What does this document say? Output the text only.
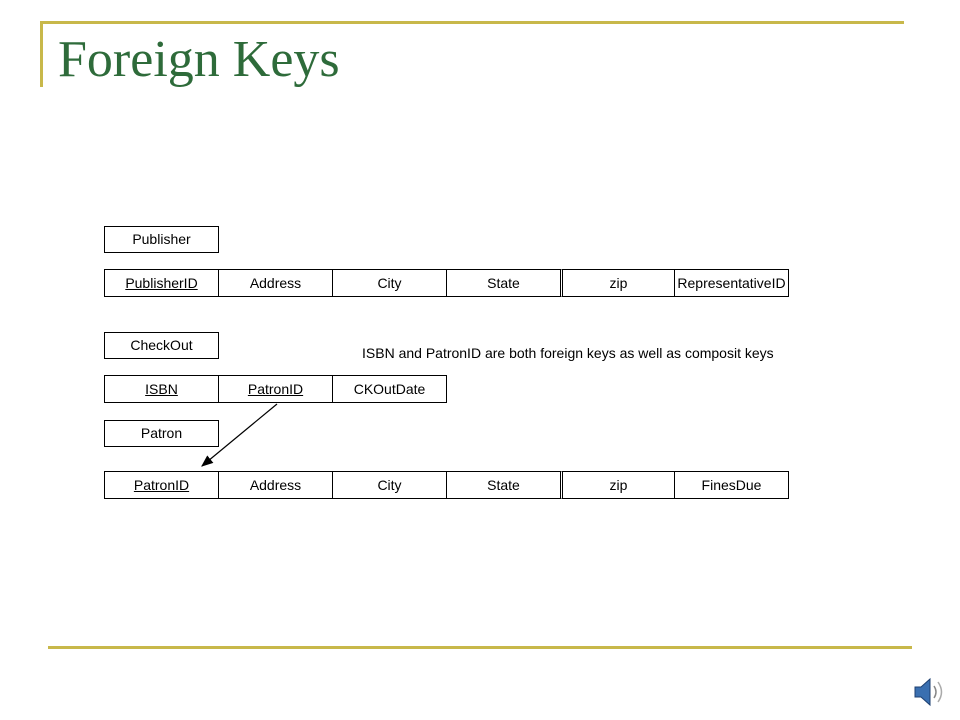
Foreign Keys
Publisher
PublisherID	Address	City	State	zip	RepresentativeID
CheckOut	ISBN and PatronID are both foreign keys as well as composit keys
ISBN	PatronID	CKOutDate
Patron
PatronID	Address	City	State	zip	FinesDue
